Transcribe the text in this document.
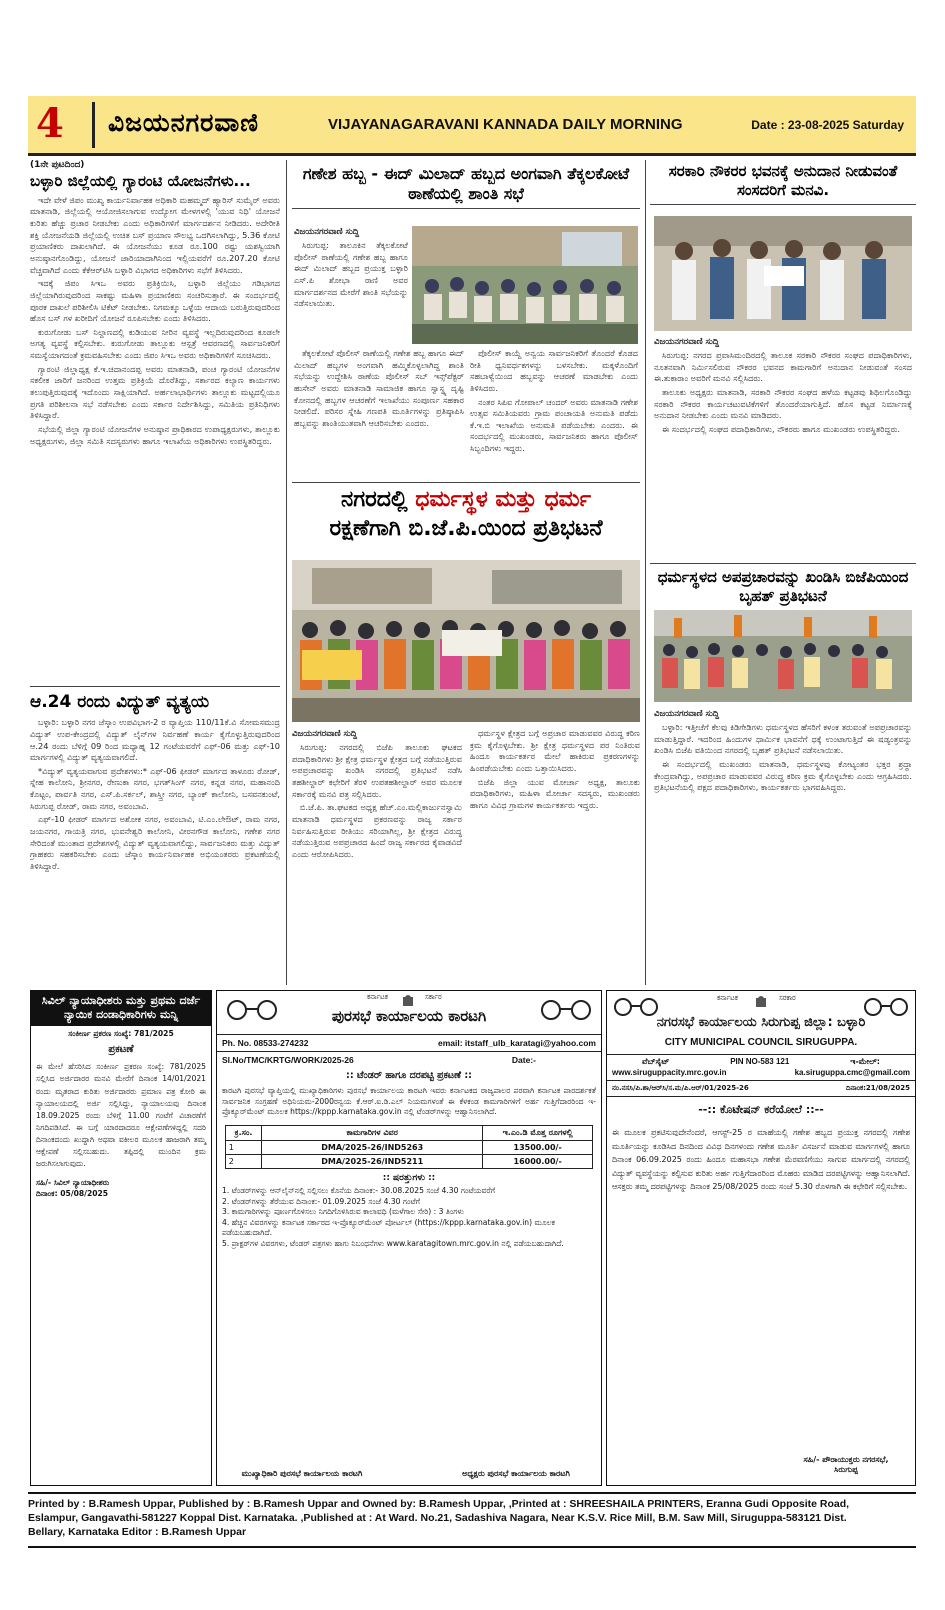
4 ವಿಜಯನಗರವಾಣಿ	VIJAYANAGARAVANI KANNADA DAILY MORNING	Date : 23-08-2025 Saturday
(1ನೇ ಪುಟದಿಂದ)
ಬಳ್ಳಾರಿ ಜಿಲ್ಲೆಯಲ್ಲಿ ಗ್ಯಾರಂಟಿ ಯೋಜನೆಗಳು...

ಇದೇ ವೇಳೆ ಜಿಪಂ ಮುಖ್ಯ ಕಾರ್ಯನಿರ್ವಾಹಕ ಅಧಿಕಾರಿ ಮಹಮ್ಮದ್ ಹ್ಯಾರಿಸ್ ಸುಮೈರ್ ಅವರು ಮಾತನಾಡಿ, ಜಿಲ್ಲೆಯಲ್ಲಿ ಆಯೋಜಿಸಲಾಗುವ ಉದ್ಯೋಗ ಮೇಳಗಳಲ್ಲಿ 'ಯುವ ನಿಧಿ' ಯೋಜನೆ ಕುರಿತು ಹೆಚ್ಚು ಪ್ರಚಾರ ನೀಡಬೇಕು ಎಂದು ಅಧಿಕಾರಿಗಳಿಗೆ ಮಾರ್ಗದರ್ಶನ ನೀಡಿದರು. ಅದೇರೀತಿ ಶಕ್ತಿ ಯೋಜನೆಯಡಿ ಜಿಲ್ಲೆಯಲ್ಲಿ ಉಚಿತ ಬಸ್ ಪ್ರಯಾಣ ಸೌಲಭ್ಯ ಒದಗಿಸಲಾಗಿದ್ದು, 5.36 ಕೋಟಿ ಪ್ರಯಾಣಿಕರು ದಾಖಲಾಗಿದೆ. ಈ ಯೋಜನೆಯು ಕೂಡ ರೂ.100 ರಷ್ಟು ಯಶಸ್ವಿಯಾಗಿ ಅನುಷ್ಠಾನಗೊಂಡಿದ್ದು, ಯೋಜನೆ ಜಾರಿಯಾದಾಗಿನಿಂದ ಇಲ್ಲಿಯವರೆಗೆ ರೂ.207.20 ಕೋಟಿ ವೆಚ್ಚವಾಗಿದೆ ಎಂದು ಕೆಕೆಆರ್‌ಟಿಸಿ ಬಳ್ಳಾರಿ ವಿಭಾಗದ ಅಧಿಕಾರಿಗಳು ಸಭೆಗೆ ತಿಳಿಸಿದರು.

ಇದಕ್ಕೆ ಜಿಪಂ ಸಿಇಒ ಅವರು ಪ್ರತಿಕ್ರಿಯಿಸಿ, ಬಳ್ಳಾರಿ ಜಿಲ್ಲೆಯು ಗಡಿಭಾಗದ ಜಿಲ್ಲೆಯಾಗಿರುವುದರಿಂದ ಸಾಕಷ್ಟು ಮಹಿಳಾ ಪ್ರಯಾಣಿಕರು ಸಂಚರಿಸುತ್ತಾರೆ. ಈ ಸಂದರ್ಭದಲ್ಲಿ ಪೂರಕ ದಾಖಲೆ ಪರಿಶೀಲಿಸಿ ಟಿಕೆಟ್ ನೀಡಬೇಕು. ನಿಗಮಕ್ಕೂ ಒಳ್ಳೆಯ ಆದಾಯ ಬರುತ್ತಿರುವುದರಿಂದ ಹೊಸ ಬಸ್ ಗಳ ಖರೀದಿಗೆ ಯೋಜನೆ ರೂಪಿಸಬೇಕು ಎಂದು ತಿಳಿಸಿದರು.

ಕುರುಗೋಡು ಬಸ್ ನಿಲ್ದಾಣದಲ್ಲಿ ಕುಡಿಯುವ ನೀರಿನ ವ್ಯವಸ್ಥೆ ಇಲ್ಲದಿರುವುದರಿಂದ ಕೂಡಲೇ ಅಗತ್ಯ ವ್ಯವಸ್ಥೆ ಕಲ್ಪಿಸಬೇಕು. ಕುರುಗೋಡು ತಾಲ್ಲೂಕು ಆಸ್ಪತ್ರೆ ಆವರಣದಲ್ಲಿ ಸಾರ್ವಜನಿಕರಿಗೆ ಸಮಸ್ಯೆಯಾಗದಂತೆ ಕ್ರಮವಹಿಸಬೇಕು ಎಂದು ಜಿಪಂ ಸಿಇಒ ಅವರು ಅಧಿಕಾರಿಗಳಿಗೆ ಸೂಚಿಸಿದರು.

ಗ್ಯಾರಂಟಿ ಜಿಲ್ಲಾಧ್ಯಕ್ಷ ಕೆ.ಇ.ಚಿದಾನಂದಪ್ಪ ಅವರು ಮಾತನಾಡಿ, ಪಂಚ ಗ್ಯಾರಂಟಿ ಯೋಜನೆಗಳ ಸಕಲೀಕ ಜಾರಿಗೆ ಜನರಿಂದ ಉತ್ತಮ ಪ್ರತಿಕ್ರಿಯೆ ದೊರೆತಿದ್ದು, ಸರ್ಕಾರದ ಕಲ್ಯಾಣ ಕಾರ್ಯಗಳು ತಲುಪುತ್ತಿರುವುದಕ್ಕೆ ಇದೊಂದು ಸಾಕ್ಷಿಯಾಗಿದೆ. ಅರ್ಹಲಾಭಾರ್ಥಿಗಳು ತಾಲ್ಲೂಕು ಮಟ್ಟದಲ್ಲಿಯೂ ಪ್ರಗತಿ ಪರಿಶೀಲನಾ ಸಭೆ ನಡೆಸಬೇಕು ಎಂದು ಸರ್ಕಾರ ನಿರ್ದೇಶಿಸಿದ್ದು, ಸಮಿತಿಯ ಪ್ರತಿನಿಧಿಗಳು ತಿಳಿಸಿದ್ದಾರೆ.

ಸಭೆಯಲ್ಲಿ ಜಿಲ್ಲಾ ಗ್ಯಾರಂಟಿ ಯೋಜನೆಗಳ ಅನುಷ್ಠಾನ ಪ್ರಾಧಿಕಾರದ ಉಪಾಧ್ಯಕ್ಷರುಗಳು, ತಾಲ್ಲೂಕು ಅಧ್ಯಕ್ಷರುಗಳು, ಜಿಲ್ಲಾ ಸಮಿತಿ ಸದಸ್ಯರುಗಳು ಹಾಗೂ ಇಲಾಖೆಯ ಅಧಿಕಾರಿಗಳು ಉಪಸ್ಥಿತರಿದ್ದರು.

ಆ.24 ರಂದು ವಿದ್ಯುತ್ ವ್ಯತ್ಯಯ

ಬಳ್ಳಾರಿ: ಬಳ್ಳಾರಿ ನಗರ ಜೆಸ್ಕಾಂ ಉಪವಿಭಾಗ-2 ರ ವ್ಯಾಪ್ತಿಯ 110/11ಕೆ.ವಿ ಸೋಮಸಮುದ್ರ ವಿದ್ಯುತ್ ಉಪ-ಕೇಂದ್ರದಲ್ಲಿ ವಿದ್ಯುತ್ ಲೈನ್‌ಗಳ ನಿರ್ವಹಣೆ ಕಾರ್ಯ ಕೈಗೊಳ್ಳುತ್ತಿರುವುದರಿಂದ ಆ.24 ರಂದು ಬೆಳಿಗ್ಗೆ 09 ರಿಂದ ಮಧ್ಯಾಹ್ನ 12 ಗಂಟೆಯವರೆಗೆ ಎಫ್-06 ಮತ್ತು ಎಫ್-10 ಮಾರ್ಗಗಳಲ್ಲಿ ವಿದ್ಯುತ್ ವ್ಯತ್ಯಯವಾಗಲಿದೆ.

*ವಿದ್ಯುತ್ ವ್ಯತ್ಯಯವಾಗುವ ಪ್ರದೇಶಗಳು:* ಎಫ್-06 ಫೀಡರ್ ಮಾರ್ಗದ ತಾಳೂರು ರೋಡ್, ಸ್ನೇಹ ಕಾಲೋನಿ, ಶ್ರೀನಗರ, ರೇಣುಕಾ ನಗರ, ಭಗತ್‌ಸಿಂಗ್ ನಗರ, ಕನ್ನಡ ನಗರ, ಮಹಾನಂದಿ ಕೊಟ್ಟಂ, ಪಾರ್ವತಿ ನಗರ, ಎಸ್.ಪಿ.ಸರ್ಕಲ್, ಶಾಸ್ತ್ರೀ ನಗರ, ಬ್ಯಾಂಕ್ ಕಾಲೋನಿ, ಬಸವನಕುಂಟೆ, ಸಿರುಗುಪ್ಪ ರೋಡ್, ರಾಮ ನಗರ, ಅವಂಬಾವಿ.

ಎಫ್-10 ಫೀಡರ್ ಮಾರ್ಗದ ಅಶೋಕ ನಗರ, ಅವಂಬಾವಿ, ಟಿ.ಎಂ.ಲೇಔಟ್, ರಾಮ ನಗರ, ಜಯನಗರ, ಗಾಯತ್ರಿ ನಗರ, ಭುವನೇಶ್ವರಿ ಕಾಲೋನಿ, ವೀರನಗೌಡ ಕಾಲೋನಿ, ಗಣೇಶ ನಗರ ಸೇರಿದಂತೆ ಮುಂತಾದ ಪ್ರದೇಶಗಳಲ್ಲಿ ವಿದ್ಯುತ್ ವ್ಯತ್ಯಯವಾಗಲಿದ್ದು, ಸಾರ್ವಜನಿಕರು ಮತ್ತು ವಿದ್ಯುತ್ ಗ್ರಾಹಕರು ಸಹಕರಿಸಬೇಕು ಎಂದು ಜೆಸ್ಕಾಂ ಕಾರ್ಯನಿರ್ವಾಹಕ ಅಭಿಯಂತರರು ಪ್ರಕಟಣೆಯಲ್ಲಿ ತಿಳಿಸಿದ್ದಾರೆ.

ಗಣೇಶ ಹಬ್ಬ - ಈದ್ ಮಿಲಾದ್ ಹಬ್ಬದ ಅಂಗವಾಗಿ ತೆಕ್ಕಲಕೋಟೆ ಠಾಣೆಯಲ್ಲಿ ಶಾಂತಿ ಸಭೆ
ವಿಜಯನಗರವಾಣಿ ಸುದ್ದಿ

ಸಿರುಗುಪ್ಪ: ತಾಲೂಕಿನ ತೆಕ್ಕಲಕೋಟೆ ಪೊಲೀಸ್ ಠಾಣೆಯಲ್ಲಿ ಗಣೇಶ ಹಬ್ಬ ಹಾಗೂ ಈದ್ ಮಿಲಾದ್ ಹಬ್ಬದ ಪ್ರಯುಕ್ತ ಬಳ್ಳಾರಿ ಎಸ್.ಪಿ ಶೋಭಾ ರಾಣಿ ಅವರ ಮಾರ್ಗದರ್ಶನದ ಮೇರೆಗೆ ಶಾಂತಿ ಸಭೆಯನ್ನು ನಡೆಸಲಾಯಿತು.

ತೆಕ್ಕಲಕೋಟೆ ಪೊಲೀಸ್ ಠಾಣೆಯಲ್ಲಿ ಗಣೇಶ ಹಬ್ಬ ಹಾಗೂ ಈದ್ ಮಿಲಾದ್ ಹಬ್ಬಗಳ ಅಂಗವಾಗಿ ಹಮ್ಮಿಕೊಳ್ಳಲಾಗಿದ್ದ ಶಾಂತಿ ಸಭೆಯನ್ನು ಉದ್ದೇಶಿಸಿ ಠಾಣೆಯ ಪೊಲೀಸ್ ಸಬ್ ಇನ್ಸ್‌ಪೆಕ್ಟರ್ ಹುಸೇನ್ ಅವರು ಮಾತನಾಡಿ ಸಾಮಾಜಿಕ ಹಾಗೂ ಸ್ವಾಸ್ಥ್ಯ ದೃಷ್ಟಿ ಕೋನದಲ್ಲಿ ಹಬ್ಬಗಳ ಆಚರಣೆಗೆ ಇಲಾಖೆಯು ಸಂಪೂರ್ಣ ಸಹಕಾರ ನೀಡಲಿದೆ. ಪರಿಸರ ಸ್ನೇಹಿ ಗಣಪತಿ ಮೂರ್ತಿಗಳನ್ನು ಪ್ರತಿಷ್ಠಾಪಿಸಿ ಹಬ್ಬವನ್ನು ಶಾಂತಿಯುತವಾಗಿ ಆಚರಿಸಬೇಕು ಎಂದರು.

ಪೊಲೀಸ್ ಕಾಯ್ದೆ ಅನ್ವಯ ಸಾರ್ವಜನಿಕರಿಗೆ ತೊಂದರೆ ಕೊಡದ ರೀತಿ ಧ್ವನಿವರ್ಧಕಗಳನ್ನು ಬಳಸಬೇಕು. ಮಕ್ಕಳೊಂದಿಗೆ ಸಹಬಾಳ್ವೆಯಿಂದ ಹಬ್ಬವನ್ನು ಆಚರಣೆ ಮಾಡಬೇಕು ಎಂದು ತಿಳಿಸಿದರು.

ನಂತರ ಸಿಪಿಐ ಗೋಪಾಲ್ ಚಂದರ್ ಅವರು ಮಾತನಾಡಿ ಗಣೇಶ ಉತ್ಸವ ಸಮಿತಿಯವರು ಗ್ರಾಮ ಪಂಚಾಯತಿ ಅನುಮತಿ ಪಡೆದು ಕೆ.ಇ.ಬಿ ಇಲಾಖೆಯ ಅನುಮತಿ ಪಡೆಯಬೇಕು ಎಂದರು. ಈ ಸಂದರ್ಭದಲ್ಲಿ ಮುಖಂಡರು, ಸಾರ್ವಜನಿಕರು ಹಾಗೂ ಪೊಲೀಸ್ ಸಿಬ್ಬಂದಿಗಳು ಇದ್ದರು.

ಸರಕಾರಿ ನೌಕರರ ಭವನಕ್ಕೆ ಅನುದಾನ ನೀಡುವಂತೆ ಸಂಸದರಿಗೆ ಮನವಿ.
ವಿಜಯನಗರವಾಣಿ ಸುದ್ದಿ

ಸಿರುಗುಪ್ಪ: ನಗರದ ಪ್ರವಾಸಿಮಂದಿರದಲ್ಲಿ ತಾಲೂಕ ಸರಕಾರಿ ನೌಕರರ ಸಂಘದ ಪದಾಧಿಕಾರಿಗಳು, ನೂತನವಾಗಿ ನಿರ್ಮಿಸಲಿರುವ ನೌಕರರ ಭವನದ ಕಾಮಗಾರಿಗೆ ಅನುದಾನ ನೀಡುವಂತೆ ಸಂಸದ ಈ.ತುಕಾರಾಂ ಅವರಿಗೆ ಮನವಿ ಸಲ್ಲಿಸಿದರು.

ತಾಲೂಕು ಅಧ್ಯಕ್ಷರು ಮಾತನಾಡಿ, ಸರಕಾರಿ ನೌಕರರ ಸಂಘದ ಹಳೆಯ ಕಟ್ಟಡವು ಶಿಥಿಲಗೊಂಡಿದ್ದು ಸರಕಾರಿ ನೌಕರರ ಕಾರ್ಯಚಟುವಟಿಕೆಗಳಿಗೆ ತೊಂದರೆಯಾಗುತ್ತಿದೆ. ಹೊಸ ಕಟ್ಟಡ ನಿರ್ಮಾಣಕ್ಕೆ ಅನುದಾನ ನೀಡಬೇಕು ಎಂದು ಮನವಿ ಮಾಡಿದರು.

ಈ ಸಂದರ್ಭದಲ್ಲಿ ಸಂಘದ ಪದಾಧಿಕಾರಿಗಳು, ನೌಕರರು ಹಾಗೂ ಮುಖಂಡರು ಉಪಸ್ಥಿತರಿದ್ದರು.

ಧರ್ಮಸ್ಥಳದ ಅಪಪ್ರಚಾರವನ್ನು ಖಂಡಿಸಿ ಬಿಜೆಪಿಯಿಂದ ಬೃಹತ್ ಪ್ರತಿಭಟನೆ
ವಿಜಯನಗರವಾಣಿ ಸುದ್ದಿ

ಬಳ್ಳಾರಿ: ಇತ್ತೀಚೆಗೆ ಕೆಲವು ಕಿಡಿಗೇಡಿಗಳು ಧರ್ಮಸ್ಥಳದ ಹೆಸರಿಗೆ ಕಳಂಕ ತರುವಂತೆ ಅಪಪ್ರಚಾರವನ್ನು ಮಾಡುತ್ತಿದ್ದಾರೆ. ಇದರಿಂದ ಹಿಂದುಗಳ ಧಾರ್ಮಿಕ ಭಾವನೆಗೆ ಧಕ್ಕೆ ಉಂಟಾಗುತ್ತಿದೆ ಈ ಷಡ್ಯಂತ್ರವನ್ನು ಖಂಡಿಸಿ ಬಿಜೆಪಿ ವತಿಯಿಂದ ನಗರದಲ್ಲಿ ಬೃಹತ್ ಪ್ರತಿಭಟನೆ ನಡೆಸಲಾಯಿತು.

ಈ ಸಂದರ್ಭದಲ್ಲಿ ಮುಖಂಡರು ಮಾತನಾಡಿ, ಧರ್ಮಸ್ಥಳವು ಕೋಟ್ಯಂತರ ಭಕ್ತರ ಶ್ರದ್ಧಾ ಕೇಂದ್ರವಾಗಿದ್ದು, ಅಪಪ್ರಚಾರ ಮಾಡುವವರ ವಿರುದ್ಧ ಕಠಿಣ ಕ್ರಮ ಕೈಗೊಳ್ಳಬೇಕು ಎಂದು ಆಗ್ರಹಿಸಿದರು. ಪ್ರತಿಭಟನೆಯಲ್ಲಿ ಪಕ್ಷದ ಪದಾಧಿಕಾರಿಗಳು, ಕಾರ್ಯಕರ್ತರು ಭಾಗವಹಿಸಿದ್ದರು.

ನಗರದಲ್ಲಿ ಧರ್ಮಸ್ಥಳ ಮತ್ತು ಧರ್ಮ
ರಕ್ಷಣೆಗಾಗಿ ಬಿ.ಜೆ.ಪಿ.ಯಿಂದ ಪ್ರತಿಭಟನೆ
ವಿಜಯನಗರವಾಣಿ ಸುದ್ದಿ

ಸಿರುಗುಪ್ಪ: ನಗರದಲ್ಲಿ ಬಿಜೆಪಿ ತಾಲೂಕು ಘಟಕದ ಪದಾಧಿಕಾರಿಗಳು ಶ್ರೀ ಕ್ಷೇತ್ರ ಧರ್ಮಸ್ಥಳ ಕ್ಷೇತ್ರದ ಬಗ್ಗೆ ನಡೆಯುತ್ತಿರುವ ಅಪಪ್ರಚಾರವನ್ನು ಖಂಡಿಸಿ ನಗರದಲ್ಲಿ ಪ್ರತಿಭಟನೆ ನಡೆಸಿ ತಹಶೀಲ್ದಾರ್ ಕಛೇರಿಗೆ ತೆರಳಿ ಉಪತಹಶೀಲ್ದಾರ್ ಅವರ ಮೂಲಕ ಸರ್ಕಾರಕ್ಕೆ ಮನವಿ ಪತ್ರ ಸಲ್ಲಿಸಿದರು.

ಬಿ.ಜೆ.ಪಿ. ತಾ.ಘಟಕದ ಅಧ್ಯಕ್ಷ ಹೆಚ್.ಎಂ.ಮಲ್ಲಿಕಾರ್ಜುನಸ್ವಾಮಿ ಮಾತನಾಡಿ ಧರ್ಮಸ್ಥಳದ ಪ್ರಕರಣವನ್ನು ರಾಜ್ಯ ಸರ್ಕಾರ ನಿರ್ವಹಿಸುತ್ತಿರುವ ರೀತಿಯು ಸರಿಯಾಗಿಲ್ಲ, ಶ್ರೀ ಕ್ಷೇತ್ರದ ವಿರುದ್ಧ ನಡೆಯುತ್ತಿರುವ ಅಪಪ್ರಚಾರದ ಹಿಂದೆ ರಾಜ್ಯ ಸರ್ಕಾರದ ಕೈವಾಡವಿದೆ ಎಂದು ಆರೋಪಿಸಿದರು.

ಧರ್ಮಸ್ಥಳ ಕ್ಷೇತ್ರದ ಬಗ್ಗೆ ಅಪ್ರಚಾರ ಮಾಡುವವರ ವಿರುದ್ಧ ಕಠಿಣ ಕ್ರಮ ಕೈಗೊಳ್ಳಬೇಕು. ಶ್ರೀ ಕ್ಷೇತ್ರ ಧರ್ಮಸ್ಥಳದ ಪರ ನಿಂತಿರುವ ಹಿಂದೂ ಕಾರ್ಯಕರ್ತರ ಮೇಲೆ ಹಾಕಿರುವ ಪ್ರಕರಣಗಳನ್ನು ಹಿಂಪಡೆಯಬೇಕು ಎಂದು ಒತ್ತಾಯಿಸಿದರು.

ಬಿಜೆಪಿ ಜಿಲ್ಲಾ ಯುವ ಮೋರ್ಚಾ ಅಧ್ಯಕ್ಷ, ತಾಲೂಕು ಪದಾಧಿಕಾರಿಗಳು, ಮಹಿಳಾ ಮೋರ್ಚಾ ಸದಸ್ಯರು, ಮುಖಂಡರು ಹಾಗೂ ವಿವಿಧ ಗ್ರಾಮಗಳ ಕಾರ್ಯಕರ್ತರು ಇದ್ದರು.

ಸಿವಿಲ್ ನ್ಯಾಯಾಧೀಶರು ಮತ್ತು ಪ್ರಥಮ ದರ್ಜೆ ನ್ಯಾಯಿಕ ದಂಡಾಧಿಕಾರಿಗಳು ಮನ್ನಿ
ಸಂಕೀರ್ಣ ಪ್ರಕರಣ ಸಂಖ್ಯೆ: 781/2025
ಪ್ರಕಟಣೆ
ಈ ಮೇಲೆ ಹೆಸರಿಸಿದ ಸಂಕೀರ್ಣ ಪ್ರಕರಣ ಸಂಖ್ಯೆ: 781/2025 ಸಲ್ಲಿಸಿದ ಅರ್ಜಿದಾರರ ಮನವಿ ಮೇರೆಗೆ ದಿನಾಂಕ 14/01/2021 ರಂದು ಮೃತರಾದ ಕುರಿತು ಅರ್ಜಿದಾರರು ಪ್ರಮಾಣ ಪತ್ರ ಕೋರಿ ಈ ನ್ಯಾಯಾಲಯದಲ್ಲಿ ಅರ್ಜಿ ಸಲ್ಲಿಸಿದ್ದು, ನ್ಯಾಯಾಲಯವು ದಿನಾಂಕ 18.09.2025 ರಂದು ಬೆಳಿಗ್ಗೆ 11.00 ಗಂಟೆಗೆ ವಿಚಾರಣೆಗೆ ನಿಗದಿಪಡಿಸಿದೆ. ಈ ಬಗ್ಗೆ ಯಾರದಾದರೂ ಆಕ್ಷೇಪಣೆಗಳಿದ್ದಲ್ಲಿ ಸದರಿ ದಿನಾಂಕದಂದು ಖುದ್ದಾಗಿ ಅಥವಾ ವಕೀಲರ ಮೂಲಕ ಹಾಜರಾಗಿ ತಮ್ಮ ಆಕ್ಷೇಪಣೆ ಸಲ್ಲಿಸಬಹುದು. ತಪ್ಪಿದಲ್ಲಿ ಮುಂದಿನ ಕ್ರಮ ಜರುಗಿಸಲಾಗುವುದು.
ಸಹಿ/- ಸಿವಿಲ್ ನ್ಯಾಯಾಧೀಶರು
ದಿನಾಂಕ: 05/08/2025
ಕರ್ನಾಟಕ	ಸರ್ಕಾರ
ಪುರಸಭೆ ಕಾರ್ಯಾಲಯ ಕಾರಟಗಿ
Ph. No. 08533-274232	email: itstaff_ulb_karatagi@yahoo.com
Sl.No/TMC/KRTG/WORK/2025-26	Date:-
:: ಟೆಂಡರ್ ಹಾಗೂ ದರಪಟ್ಟಿ ಪ್ರಕಟಣೆ ::
ಕಾರಟಗಿ ಪುರಸಭೆ ವ್ಯಾಪ್ತಿಯಲ್ಲಿ ಮುಖ್ಯಾಧಿಕಾರಿಗಳು ಪುರಸಭೆ ಕಾರ್ಯಾಲಯ ಕಾರಟಗಿ ಇವರು ಕರ್ನಾಟಕದ ರಾಜ್ಯಪಾಲರ ಪರವಾಗಿ ಕರ್ನಾಟಕ ಪಾರದರ್ಶಕತೆ ಸಾರ್ವಜನಿಕ ಸಂಗ್ರಹಣೆ ಅಧಿನಿಯಮ-2000ರನ್ವಯ ಕೆ.ಆರ್.ಐ.ಡಿ.ಎಲ್ ನಿಯಮಗಳಂತೆ ಈ ಕೆಳಕಂಡ ಕಾಮಗಾರಿಗಳಿಗೆ ಅರ್ಹ ಗುತ್ತಿಗೆದಾರರಿಂದ ಇ-ಪ್ರೊಕ್ಯೂರ್‌ಮೆಂಟ್ ಮೂಲಕ https://kppp.karnataka.gov.in ನಲ್ಲಿ ಟೆಂಡರ್‌ಗಳನ್ನು ಆಹ್ವಾನಿಸಲಾಗಿದೆ.
ಕ್ರ.ಸಂ.	ಕಾಮಗಾರಿಗಳ ವಿವರ	ಇ.ಎಂ.ಡಿ ಮೊತ್ತ ರೂಗಳಲ್ಲಿ
1	DMA/2025-26/IND5263	13500.00/-
2	DMA/2025-26/IND5211	16000.00/-
:: ಷರತ್ತುಗಳು ::
1. ಟೆಂಡರ್‌ಗಳನ್ನು ಆನ್‌ಲೈನ್‌ನಲ್ಲಿ ಸಲ್ಲಿಸಲು ಕೊನೆಯ ದಿನಾಂಕ:- 30.08.2025 ಸಂಜೆ 4.30 ಗಂಟೆಯವರೆಗೆ
2. ಟೆಂಡರ್‌ಗಳನ್ನು ತೆರೆಯುವ ದಿನಾಂಕ:- 01.09.2025 ಸಂಜೆ 4.30 ಗಂಟೆಗೆ
3. ಕಾಮಗಾರಿಗಳನ್ನು ಪೂರ್ಣಗೊಳಿಸಲು ನಿಗದಿಗೊಳಿಸಿರುವ ಕಾಲಾವಧಿ (ಮಳೆಗಾಲ ಸೇರಿ) : 3 ತಿಂಗಳು
4. ಹೆಚ್ಚಿನ ವಿವರಗಳನ್ನು ಕರ್ನಾಟಕ ಸರ್ಕಾರದ ಇ-ಪ್ರೊಕ್ಯೂರ್‌ಮೆಂಟ್ ಪೋರ್ಟಲ್ (https://kppp.karnataka.gov.in) ಮೂಲಕ ಪಡೆಯಬಹುದಾಗಿದೆ.
5. ಪ್ರಾಕ್ಟರ್‌ಗಳ ವಿವರಗಳು, ಟೆಂಡರ್ ಪತ್ರಗಳು ಹಾಗು ನಿಬಂಧನೆಗಳು www.karatagitown.mrc.gov.in ನಲ್ಲಿ ಪಡೆಯಬಹುದಾಗಿದೆ.
ಮುಖ್ಯಾಧಿಕಾರಿ ಪುರಸಭೆ ಕಾರ್ಯಾಲಯ ಕಾರಟಗಿ	ಅಧ್ಯಕ್ಷರು ಪುರಸಭೆ ಕಾರ್ಯಾಲಯ ಕಾರಟಗಿ
ಕರ್ನಾಟಕ	ಸರಕಾರ
ನಗರಸಭೆ ಕಾರ್ಯಾಲಯ ಸಿರುಗುಪ್ಪ ಜಿಲ್ಲಾ: ಬಳ್ಳಾರಿ
CITY MUNICIPAL COUNCIL SIRUGUPPA.
ವೆಬ್‌ಸೈಟ್	PIN NO-583 121	ಇ-ಮೇಲ್:
www.siruguppacity.mrc.gov.in	ka.siruguppa.cmc@gmail.com
ನಂ.ನಸಸಿ/ಪಿ.ಶಾ/ಆರ್‌ಸಿ/ಸ.ಮ/ಪಿ.ಆರ್/01/2025-26	ದಿನಾಂಕ:21/08/2025
--:: ಕೊಟೇಷನ್ ಕರೆಯೋಲೆ ::--
ಈ ಮೂಲಕ ಪ್ರಕಟಿಸುವುದೇನೆಂದರೆ, ಆಗಸ್ಟ್-25 ರ ಮಾಹೆಯಲ್ಲಿ ಗಣೇಶ ಹಬ್ಬದ ಪ್ರಯುಕ್ತ ನಗರದಲ್ಲಿ ಗಣೇಶ ಮೂರ್ತಿಯನ್ನು ಕೂಡಿಸಿದ ದಿನದಿಂದ ವಿವಿಧ ದಿನಗಳಂದು ಗಣೇಶ ಮೂರ್ತಿ ವಿಸರ್ಜನೆ ಮಾಡುವ ಮಾರ್ಗಗಳಲ್ಲಿ ಹಾಗೂ ದಿನಾಂಕ 06.09.2025 ರಂದು ಹಿಂದೂ ಮಹಾಸಭಾ ಗಣೇಶ ಮೆರವಣಿಗೆಯು ಸಾಗುವ ಮಾರ್ಗದಲ್ಲಿ ನಗರದಲ್ಲಿ ವಿದ್ಯುತ್ ವ್ಯವಸ್ಥೆಯನ್ನು ಕಲ್ಪಿಸುವ ಕುರಿತು ಅರ್ಹ ಗುತ್ತಿಗೆದಾರರಿಂದ ಮೊಹರು ಮಾಡಿದ ದರಪಟ್ಟಿಗಳನ್ನು ಆಹ್ವಾನಿಸಲಾಗಿದೆ. ಆಸಕ್ತರು ತಮ್ಮ ದರಪಟ್ಟಿಗಳನ್ನು ದಿನಾಂಕ 25/08/2025 ರಂದು ಸಂಜೆ 5.30 ರೊಳಗಾಗಿ ಈ ಕಛೇರಿಗೆ ಸಲ್ಲಿಸಬೇಕು.
ಸಹಿ/- ಪೌರಾಯುಕ್ತರು ನಗರಸಭೆ, ಸಿರುಗುಪ್ಪ
Printed by : B.Ramesh Uppar, Published by : B.Ramesh Uppar and Owned by: B.Ramesh Uppar, ,Printed at : SHREESHAILA PRINTERS, Eranna Gudi Opposite Road,
Eslampur, Gangavathi-581227 Koppal Dist. Karnataka. ,Published at : At Ward. No.21, Sadashiva Nagara, Near K.S.V. Rice Mill, B.M. Saw Mill, Siruguppa-583121 Dist.
Bellary, Karnataka Editor : B.Ramesh Uppar
